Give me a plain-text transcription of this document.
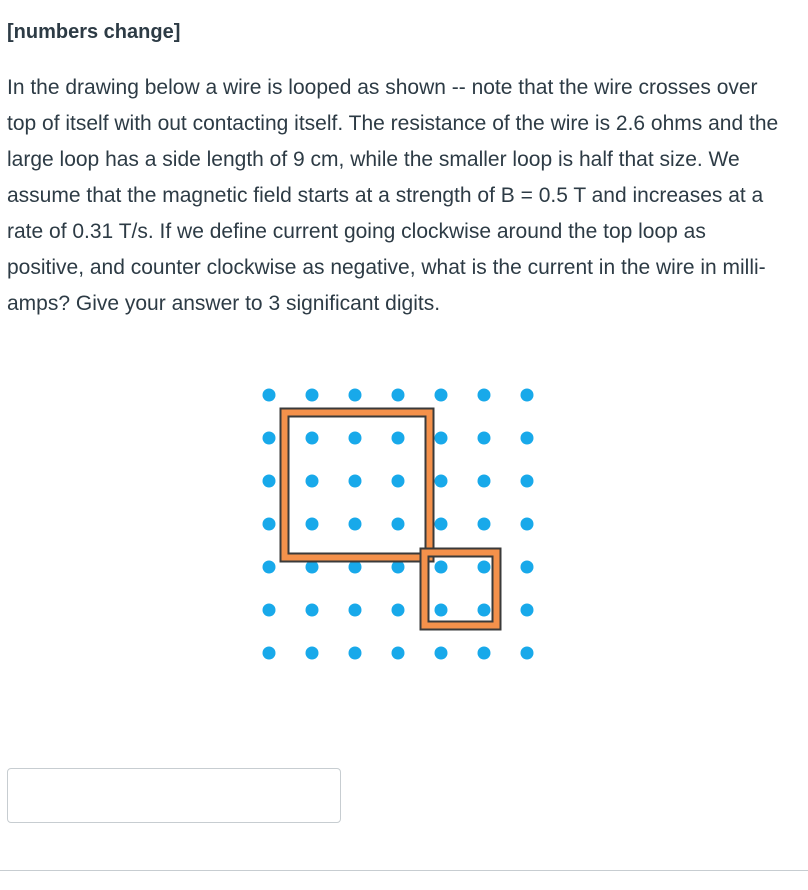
[numbers change]
In the drawing below a wire is looped as shown -- note that the wire crosses over top of itself with out contacting itself. The resistance of the wire is 2.6 ohms and the large loop has a side length of 9 cm, while the smaller loop is half that size. We assume that the magnetic field starts at a strength of B = 0.5 T and increases at a rate of 0.31 T/s. If we define current going clockwise around the top loop as positive, and counter clockwise as negative, what is the current in the wire in milli-amps? Give your answer to 3 significant digits.
